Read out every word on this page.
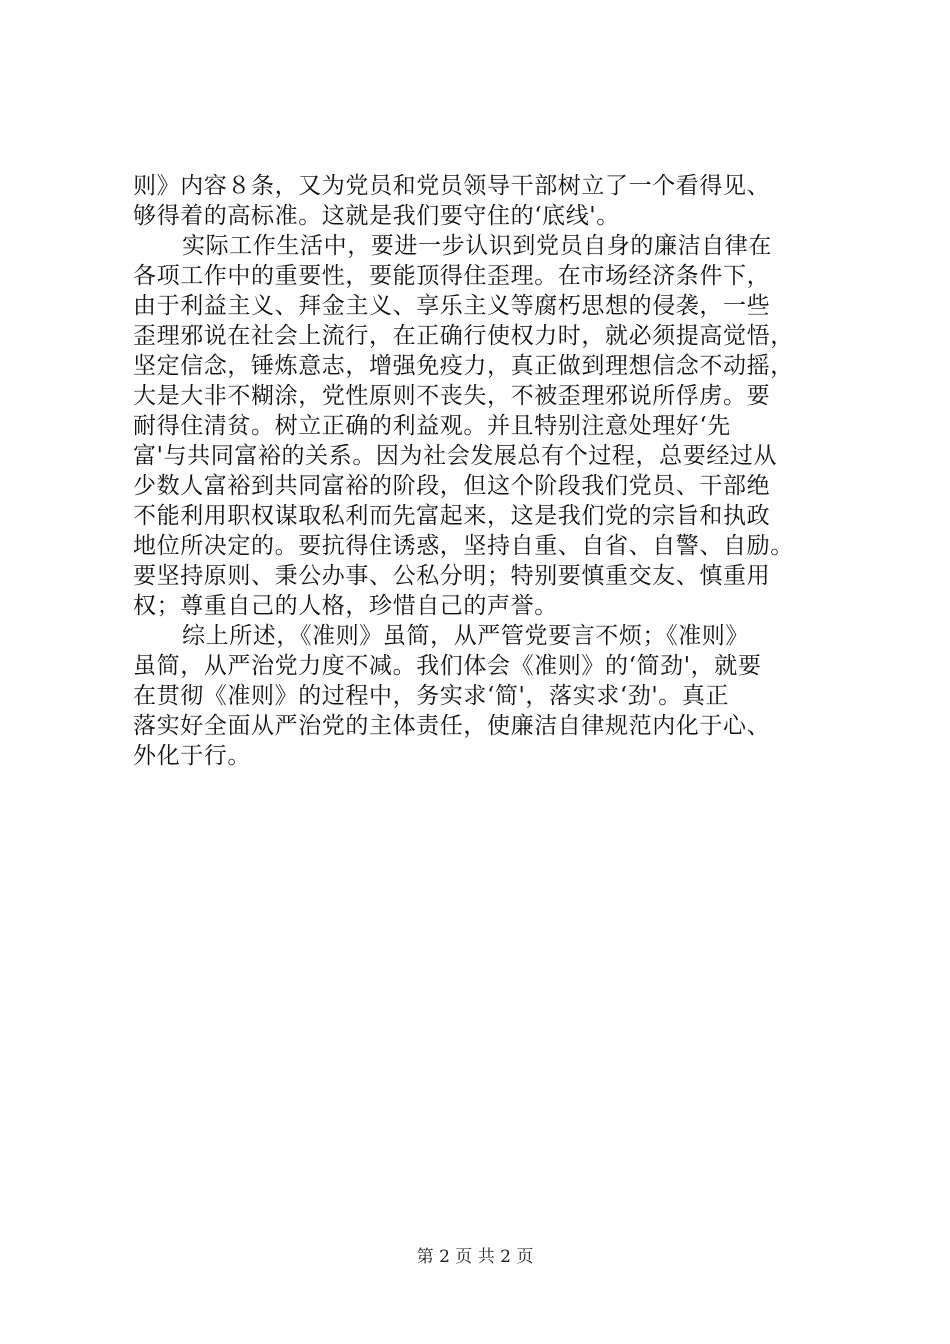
则》内容８条，又为党员和党员领导干部树立了一个看得见、
够得着的高标准。这就是我们要守住的‘底线'。
实际工作生活中，要进一步认识到党员自身的廉洁自律在
各项工作中的重要性，要能顶得住歪理。在市场经济条件下，
由于利益主义、拜金主义、享乐主义等腐朽思想的侵袭，一些
歪理邪说在社会上流行，在正确行使权力时，就必须提高觉悟，
坚定信念，锤炼意志，增强免疫力，真正做到理想信念不动摇，
大是大非不糊涂，党性原则不丧失，不被歪理邪说所俘虏。要
耐得住清贫。树立正确的利益观。并且特别注意处理好‘先
富'与共同富裕的关系。因为社会发展总有个过程，总要经过从
少数人富裕到共同富裕的阶段，但这个阶段我们党员、干部绝
不能利用职权谋取私利而先富起来，这是我们党的宗旨和执政
地位所决定的。要抗得住诱惑，坚持自重、自省、自警、自励。
要坚持原则、秉公办事、公私分明；特别要慎重交友、慎重用
权；尊重自己的人格，珍惜自己的声誉。
综上所述，《准则》虽简，从严管党要言不烦；《准则》
虽简，从严治党力度不减。我们体会《准则》的‘简劲'，就要
在贯彻《准则》的过程中，务实求‘简'，落实求‘劲'。真正
落实好全面从严治党的主体责任，使廉洁自律规范内化于心、
外化于行。
第 2 页 共 2 页
